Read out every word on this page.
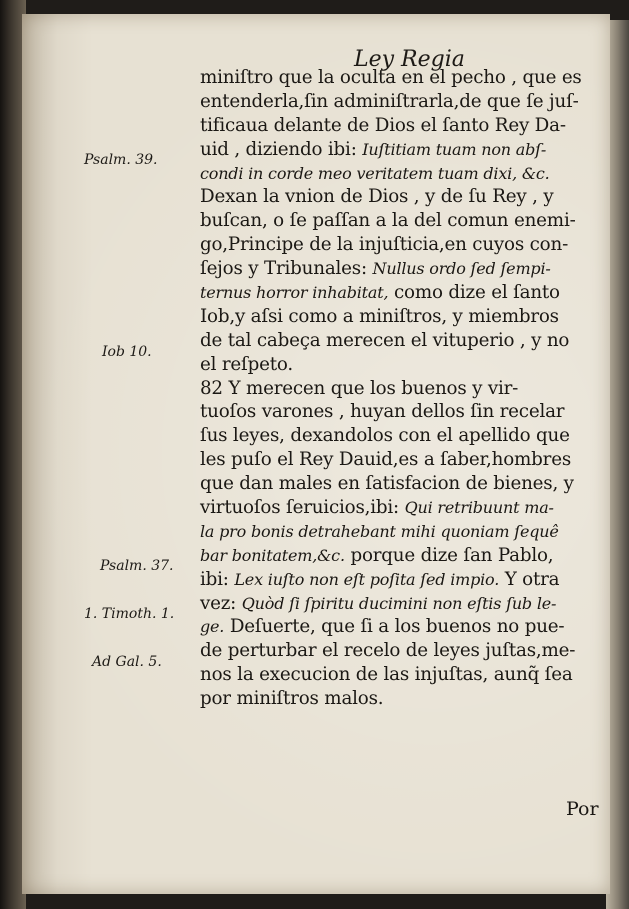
Ley Regia
Psalm. 39.
Iob 10.
Psalm. 37.
1. Timoth. 1.
Ad Gal. 5.
Por
miniſtro que la oculta en el pecho , que es
entenderla,ſin adminiſtrarla,de que ſe juſ-
tificaua delante de Dios el ſanto Rey Da-
uid , diziendo ibi: Iuſtitiam tuam non abſ-
condi in corde meo veritatem tuam dixi, &c.
Dexan la vnion de Dios , y de ſu Rey , y
buſcan, o ſe paſſan a la del comun enemi-
go,Principe de la injuſticia,en cuyos con-
ſejos y Tribunales: Nullus ordo ſed ſempi-
ternus horror inhabitat, como dize el ſanto
Iob,y aſsi como a miniſtros, y miembros
de tal cabeça merecen el vituperio , y no
el reſpeto.
82 Y merecen que los buenos y vir-
tuoſos varones , huyan dellos ſin recelar
ſus leyes, dexandolos con el apellido que
les puſo el Rey Dauid,es a ſaber,hombres
que dan males en ſatisfacion de bienes, y
virtuoſos ſeruicios,ibi: Qui retribuunt ma-
la pro bonis detrahebant mihi quoniam ſequê
bar bonitatem,&c. porque dize ſan Pablo,
ibi: Lex iuſto non eſt poſita ſed impio. Y otra
vez: Quòd ſi ſpiritu ducimini non eſtis ſub le-
ge. Deſuerte, que ſi a los buenos no pue-
de perturbar el recelo de leyes juſtas,me-
nos la execucion de las injuſtas, aunq̃ ſea
por miniſtros malos.
